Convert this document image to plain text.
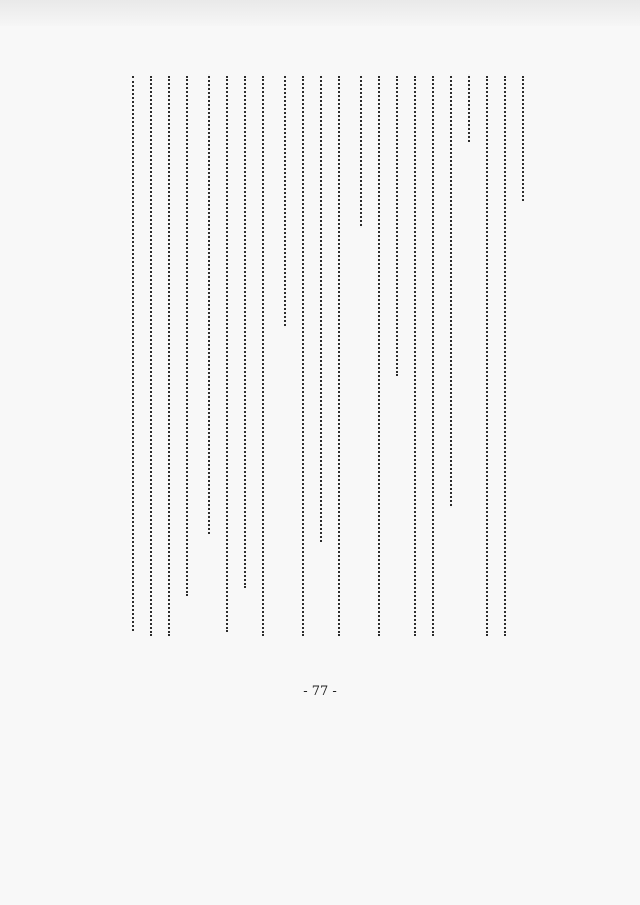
- 77 -
